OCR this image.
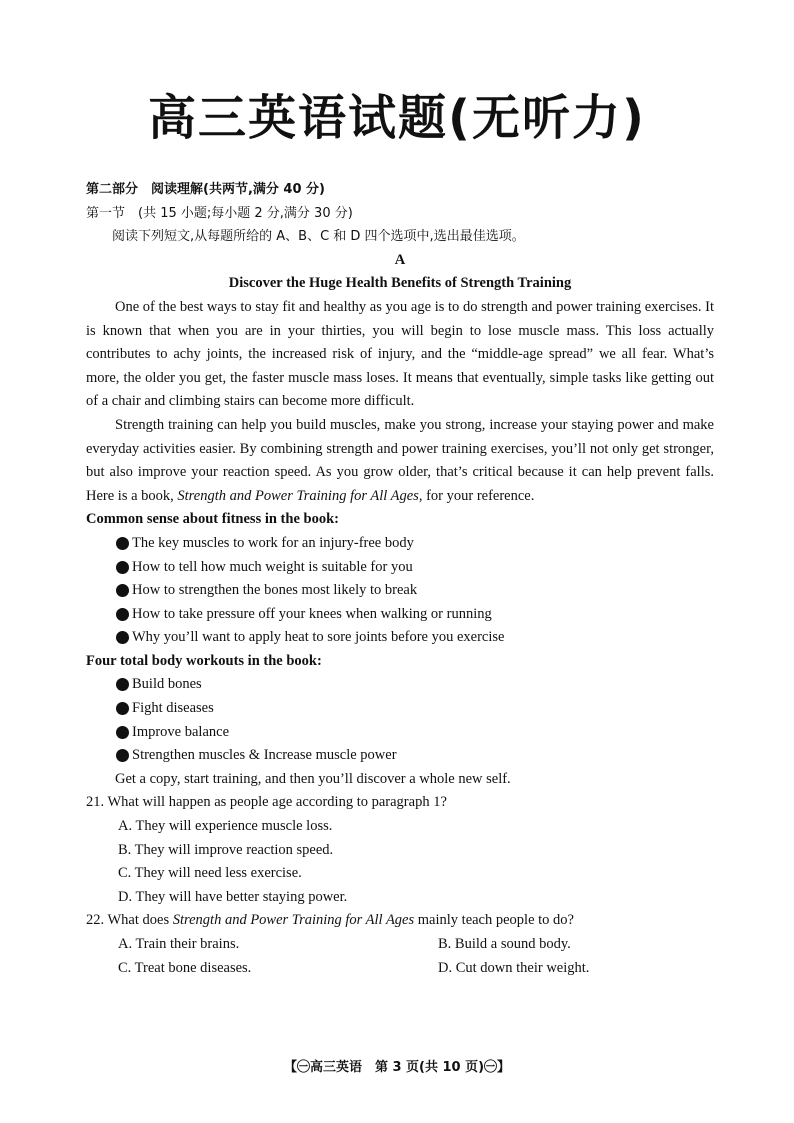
高三英语试题(无听力)

第二部分　阅读理解(共两节,满分 40 分)

第一节　(共 15 小题;每小题 2 分,满分 30 分)

阅读下列短文,从每题所给的 A、B、C 和 D 四个选项中,选出最佳选项。

A

Discover the Huge Health Benefits of Strength Training

One of the best ways to stay fit and healthy as you age is to do strength and power training exercises. It is known that when you are in your thirties, you will begin to lose muscle mass. This loss actually contributes to achy joints, the increased risk of injury, and the “middle-age spread” we all fear. What’s more, the older you get, the faster muscle mass loses. It means that eventually, simple tasks like getting out of a chair and climbing stairs can become more difficult.

Strength training can help you build muscles, make you strong, increase your staying power and make everyday activities easier. By combining strength and power training exercises, you’ll not only get stronger, but also improve your reaction speed. As you grow older, that’s critical because it can help prevent falls. Here is a book, Strength and Power Training for All Ages, for your reference.

Common sense about fitness in the book:

The key muscles to work for an injury-free body
How to tell how much weight is suitable for you
How to strengthen the bones most likely to break
How to take pressure off your knees when walking or running
Why you’ll want to apply heat to sore joints before you exercise

Four total body workouts in the book:

Build bones
Fight diseases
Improve balance
Strengthen muscles & Increase muscle power

Get a copy, start training, and then you’ll discover a whole new self.

21. What will happen as people age according to paragraph 1?

A. They will experience muscle loss.

B. They will improve reaction speed.

C. They will need less exercise.

D. They will have better staying power.

22. What does Strength and Power Training for All Ages mainly teach people to do?

A. Train their brains.	B. Build a sound body.
C. Treat bone diseases.	D. Cut down their weight.
【㊀高三英语　第 3 页(共 10 页)㊀】
